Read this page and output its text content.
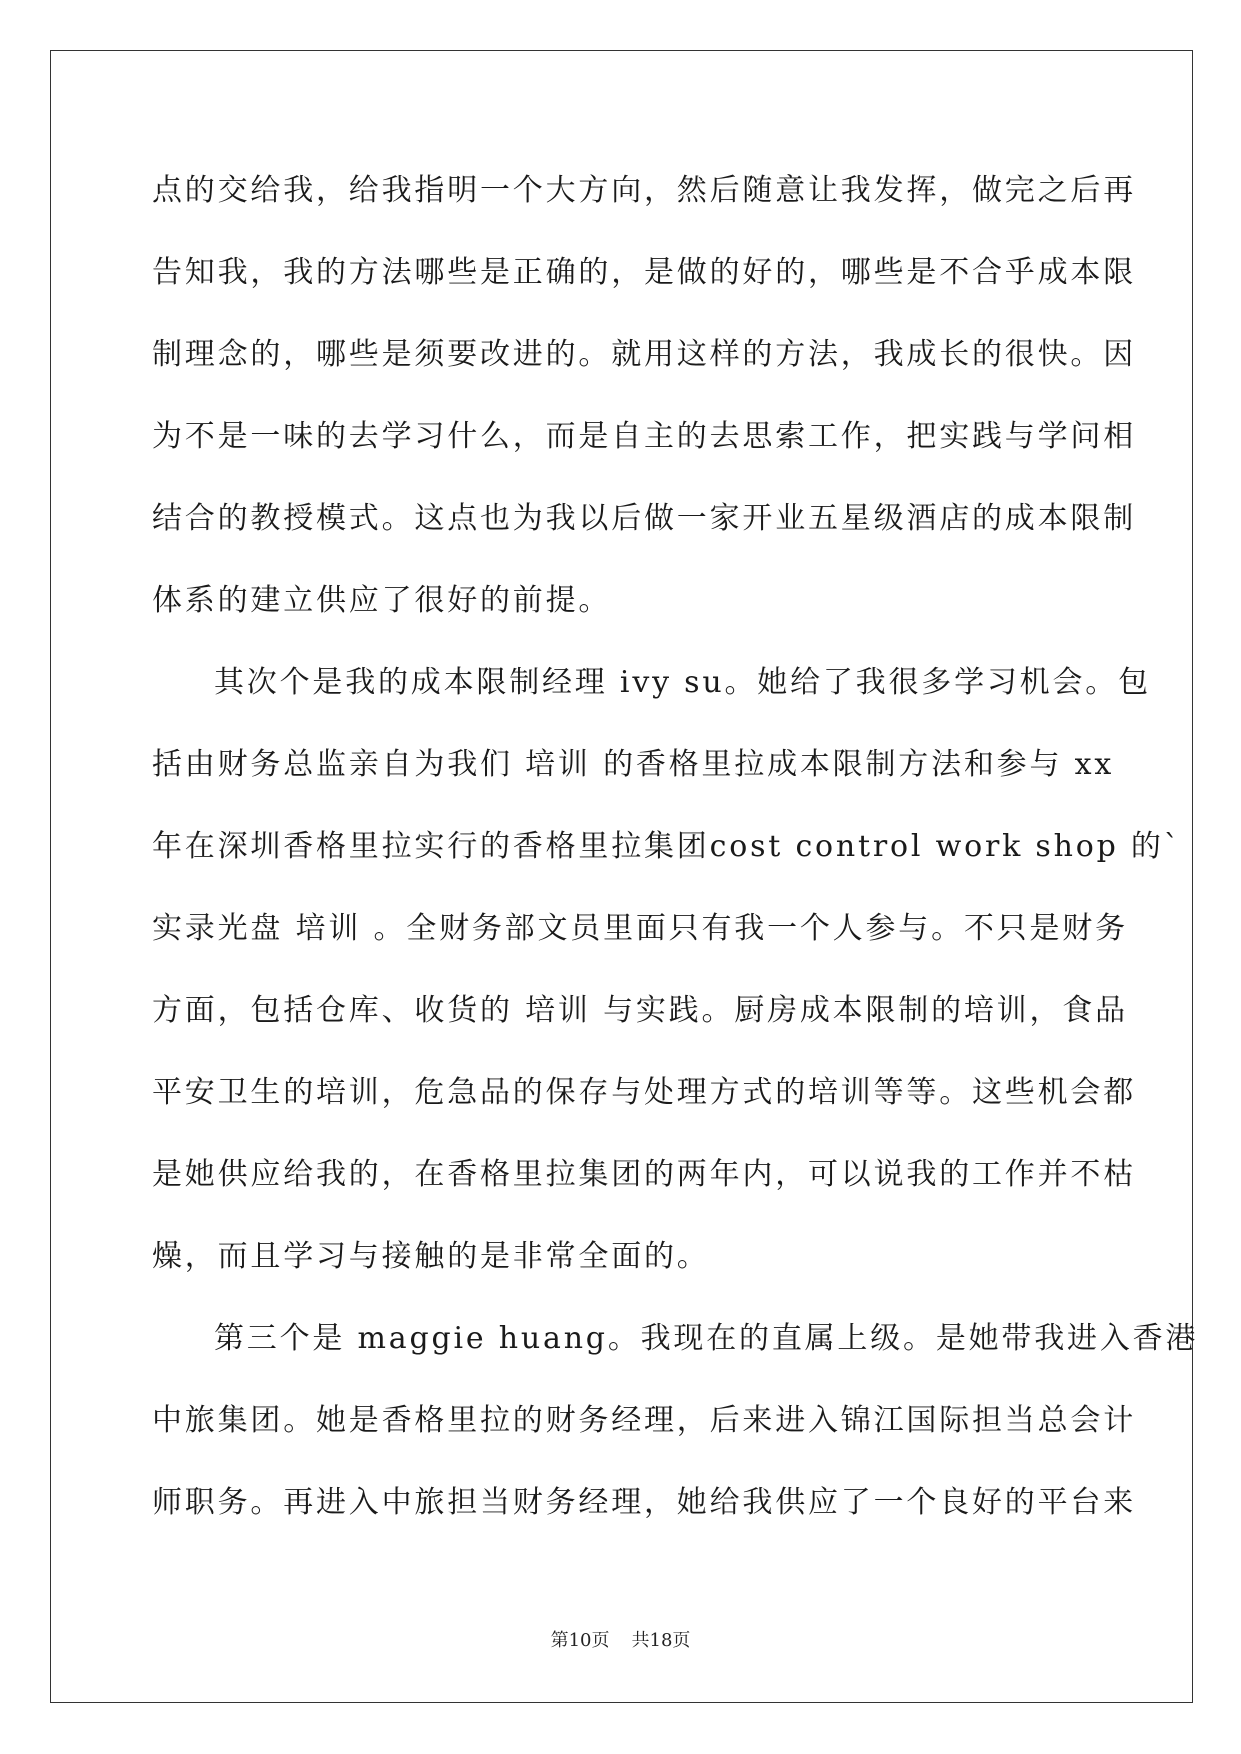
点的交给我，给我指明一个大方向，然后随意让我发挥，做完之后再
告知我，我的方法哪些是正确的，是做的好的，哪些是不合乎成本限
制理念的，哪些是须要改进的。就用这样的方法，我成长的很快。因
为不是一味的去学习什么，而是自主的去思索工作，把实践与学问相
结合的教授模式。这点也为我以后做一家开业五星级酒店的成本限制
体系的建立供应了很好的前提。
其次个是我的成本限制经理 ivy su。她给了我很多学习机会。包
括由财务总监亲自为我们 培训 的香格里拉成本限制方法和参与 xx
年在深圳香格里拉实行的香格里拉集团cost control work shop 的`
实录光盘 培训 。全财务部文员里面只有我一个人参与。不只是财务
方面，包括仓库、收货的 培训 与实践。厨房成本限制的培训，食品
平安卫生的培训，危急品的保存与处理方式的培训等等。这些机会都
是她供应给我的，在香格里拉集团的两年内，可以说我的工作并不枯
燥，而且学习与接触的是非常全面的。
第三个是 maggie huang。我现在的直属上级。是她带我进入香港
中旅集团。她是香格里拉的财务经理，后来进入锦江国际担当总会计
师职务。再进入中旅担当财务经理，她给我供应了一个良好的平台来
第10页 共18页
